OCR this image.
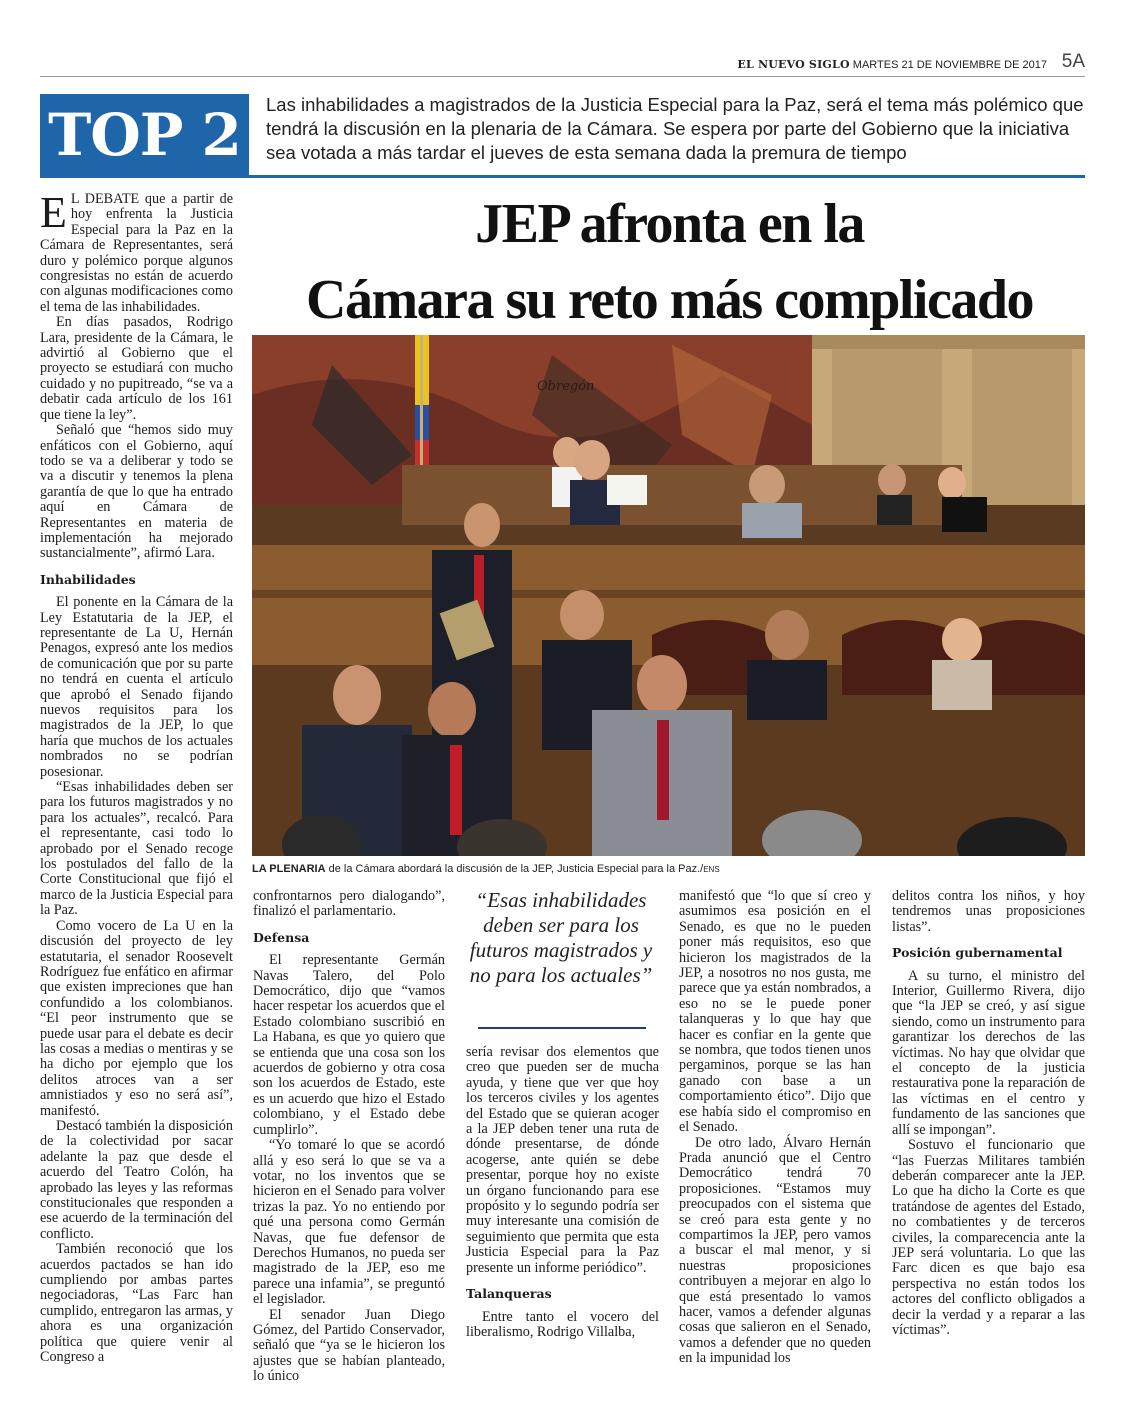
EL NUEVO SIGLO MARTES 21 DE NOVIEMBRE DE 2017 5A
TOP 2	Las inhabilidades a magistrados de la Justicia Especial para la Paz, será el tema más polémico que tendrá la discusión en la plenaria de la Cámara. Se espera por parte del Gobierno que la iniciativa sea votada a más tardar el jueves de esta semana dada la premura de tiempo
JEP afronta en la
Cámara su reto más complicado
Obregón
LA PLENARIA de la Cámara abordará la discusión de la JEP, Justicia Especial para la Paz./ENS

E L DEBATE que a partir de hoy enfrenta la Justicia Especial para la Paz en la Cámara de Representantes, será duro y polémico porque algunos congresistas no están de acuerdo con algunas modificaciones como el tema de las inhabilidades.

En días pasados, Rodrigo Lara, presidente de la Cámara, le advirtió al Gobierno que el proyecto se estudiará con mucho cuidado y no pupitreado, “se va a debatir cada artículo de los 161 que tiene la ley”.

Señaló que “hemos sido muy enfáticos con el Gobierno, aquí todo se va a deliberar y todo se va a discutir y tenemos la plena garantía de que lo que ha entrado aquí en Cámara de Representantes en materia de implementación ha mejorado sustancialmente”, afirmó Lara.

Inhabilidades

El ponente en la Cámara de la Ley Estatutaria de la JEP, el representante de La U, Hernán Penagos, expresó ante los medios de comunicación que por su parte no tendrá en cuenta el artículo que aprobó el Senado fijando nuevos requisitos para los magistrados de la JEP, lo que haría que muchos de los actuales nombrados no se podrían posesionar.

“Esas inhabilidades deben ser para los futuros magistrados y no para los actuales”, recalcó. Para el representante, casi todo lo aprobado por el Senado recoge los postulados del fallo de la Corte Constitucional que fijó el marco de la Justicia Especial para la Paz.

Como vocero de La U en la discusión del proyecto de ley estatutaria, el senador Roosevelt Rodríguez fue enfático en afirmar que existen impreciones que han confundido a los colombianos. “El peor instrumento que se puede usar para el debate es decir las cosas a medias o mentiras y se ha dicho por ejemplo que los delitos atroces van a ser amnistiados y eso no será así”, manifestó.

Destacó también la disposición de la colectividad por sacar adelante la paz que desde el acuerdo del Teatro Colón, ha aprobado las leyes y las reformas constitucionales que responden a ese acuerdo de la terminación del conflicto.

También reconoció que los acuerdos pactados se han ido cumpliendo por ambas partes negociadoras, “Las Farc han cumplido, entregaron las armas, y ahora es una organización política que quiere venir al Congreso a

confrontarnos pero dialogando”, finalizó el parlamentario.

Defensa

El representante Germán Navas Talero, del Polo Democrático, dijo que “vamos hacer respetar los acuerdos que el Estado colombiano suscribió en La Habana, es que yo quiero que se entienda que una cosa son los acuerdos de gobierno y otra cosa son los acuerdos de Estado, este es un acuerdo que hizo el Estado colombiano, y el Estado debe cumplirlo”.

“Yo tomaré lo que se acordó allá y eso será lo que se va a votar, no los inventos que se hicieron en el Senado para volver trizas la paz. Yo no entiendo por qué una persona como Germán Navas, que fue defensor de Derechos Humanos, no pueda ser magistrado de la JEP, eso me parece una infamia”, se preguntó el legislador.

El senador Juan Diego Gómez, del Partido Conservador, señaló que “ya se le hicieron los ajustes que se habían planteado, lo único

“Esas inhabilidades deben ser para los futuros magistrados y no para los actuales”

sería revisar dos elementos que creo que pueden ser de mucha ayuda, y tiene que ver que hoy los terceros civiles y los agentes del Estado que se quieran acoger a la JEP deben tener una ruta de dónde presentarse, de dónde acogerse, ante quién se debe presentar, porque hoy no existe un órgano funcionando para ese propósito y lo segundo podría ser muy interesante una comisión de seguimiento que permita que esta Justicia Especial para la Paz presente un informe periódico”.

Talanqueras

Entre tanto el vocero del liberalismo, Rodrigo Villalba,

manifestó que “lo que sí creo y asumimos esa posición en el Senado, es que no le pueden poner más requisitos, eso que hicieron los magistrados de la JEP, a nosotros no nos gusta, me parece que ya están nombrados, a eso no se le puede poner talanqueras y lo que hay que hacer es confiar en la gente que se nombra, que todos tienen unos pergaminos, porque se las han ganado con base a un comportamiento ético”. Dijo que ese había sido el compromiso en el Senado.

De otro lado, Álvaro Hernán Prada anunció que el Centro Democrático tendrá 70 proposiciones. “Estamos muy preocupados con el sistema que se creó para esta gente y no compartimos la JEP, pero vamos a buscar el mal menor, y si nuestras proposiciones contribuyen a mejorar en algo lo que está presentado lo vamos hacer, vamos a defender algunas cosas que salieron en el Senado, vamos a defender que no queden en la impunidad los

delitos contra los niños, y hoy tendremos unas proposiciones listas”.

Posición gubernamental

A su turno, el ministro del Interior, Guillermo Rivera, dijo que “la JEP se creó, y así sigue siendo, como un instrumento para garantizar los derechos de las víctimas. No hay que olvidar que el concepto de la justicia restaurativa pone la reparación de las víctimas en el centro y fundamento de las sanciones que allí se impongan”.

Sostuvo el funcionario que “las Fuerzas Militares también deberán comparecer ante la JEP. Lo que ha dicho la Corte es que tratándose de agentes del Estado, no combatientes y de terceros civiles, la comparecencia ante la JEP será voluntaria. Lo que las Farc dicen es que bajo esa perspectiva no están todos los actores del conflicto obligados a decir la verdad y a reparar a las víctimas”.
